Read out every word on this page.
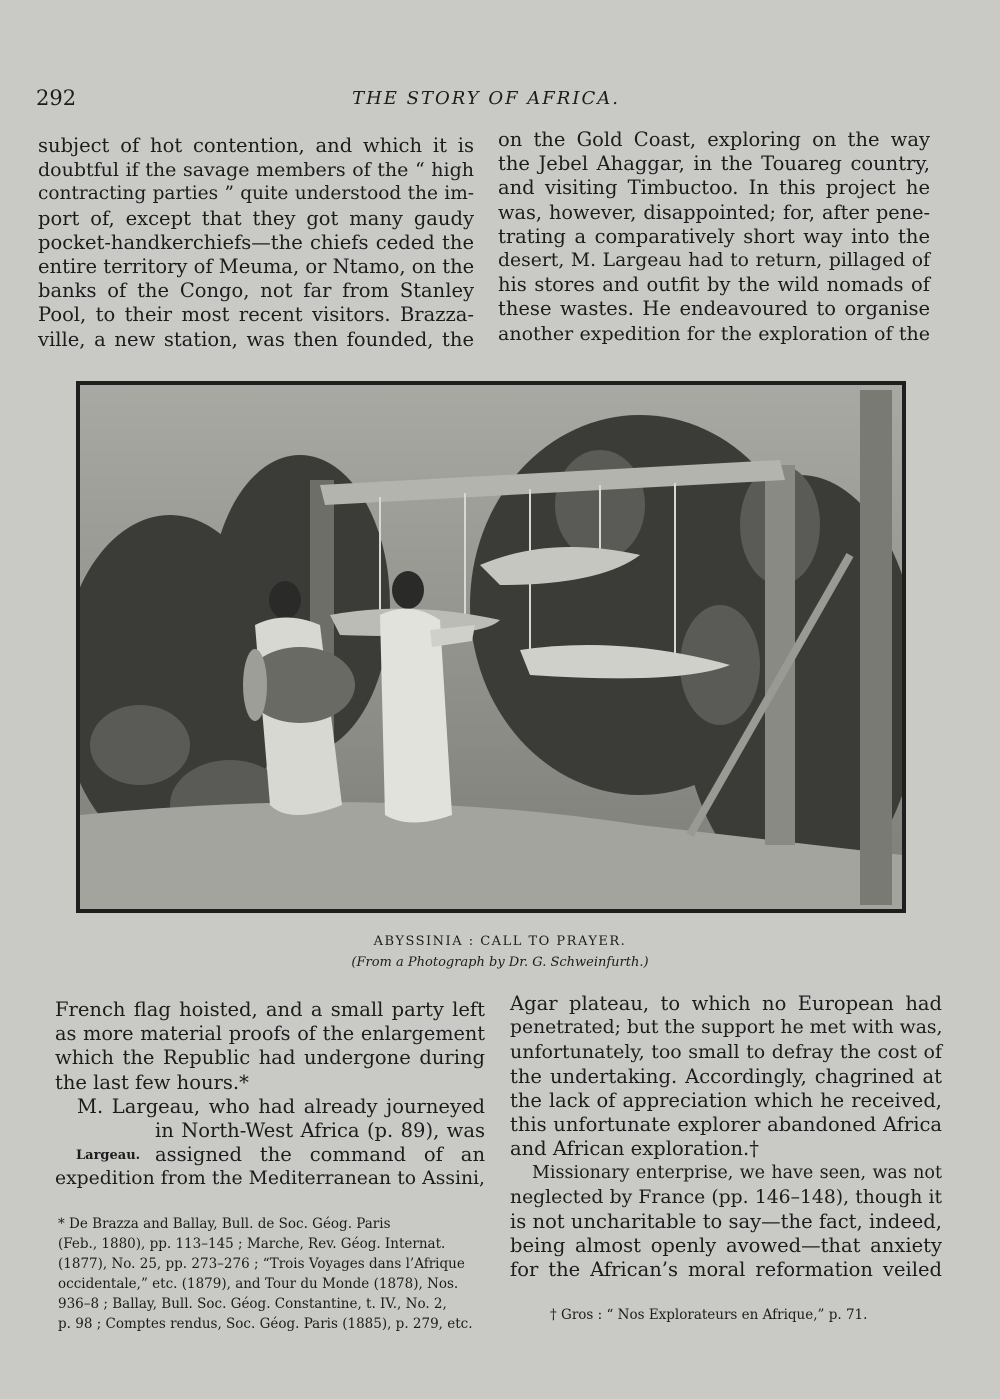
292	THE STORY OF AFRICA.
subject of hot contention, and which it is
doubtful if the savage members of the “ high
contracting parties ” quite understood the im-
port of, except that they got many gaudy
pocket-handkerchiefs—the chiefs ceded the
entire territory of Meuma, or Ntamo, on the
banks of the Congo, not far from Stanley
Pool, to their most recent visitors. Brazza-
ville, a new station, was then founded, the
on the Gold Coast, exploring on the way
the Jebel Ahaggar, in the Touareg country,
and visiting Timbuctoo. In this project he
was, however, disappointed; for, after pene-
trating a comparatively short way into the
desert, M. Largeau had to return, pillaged of
his stores and outfit by the wild nomads of
these wastes. He endeavoured to organise
another expedition for the exploration of the
ABYSSINIA : CALL TO PRAYER.
(From a Photograph by Dr. G. Schweinfurth.)
French flag hoisted, and a small party left
as more material proofs of the enlargement
which the Republic had undergone during
the last few hours.*
M. Largeau, who had already journeyed
in North-West Africa (p. 89), was
assigned the command of an
expedition from the Mediterranean to Assini,
Largeau.
Agar plateau, to which no European had
penetrated; but the support he met with was,
unfortunately, too small to defray the cost of
the undertaking. Accordingly, chagrined at
the lack of appreciation which he received,
this unfortunate explorer abandoned Africa
and African exploration.†
Missionary enterprise, we have seen, was not
neglected by France (pp. 146–148), though it
is not uncharitable to say—the fact, indeed,
being almost openly avowed—that anxiety
for the African’s moral reformation veiled
* De Brazza and Ballay, Bull. de Soc. Géog. Paris
(Feb., 1880), pp. 113–145 ; Marche, Rev. Géog. Internat.
(1877), No. 25, pp. 273–276 ; “Trois Voyages dans l’Afrique
occidentale,” etc. (1879), and Tour du Monde (1878), Nos.
936–8 ; Ballay, Bull. Soc. Géog. Constantine, t. IV., No. 2,
p. 98 ; Comptes rendus, Soc. Géog. Paris (1885), p. 279, etc.
† Gros : “ Nos Explorateurs en Afrique,” p. 71.
